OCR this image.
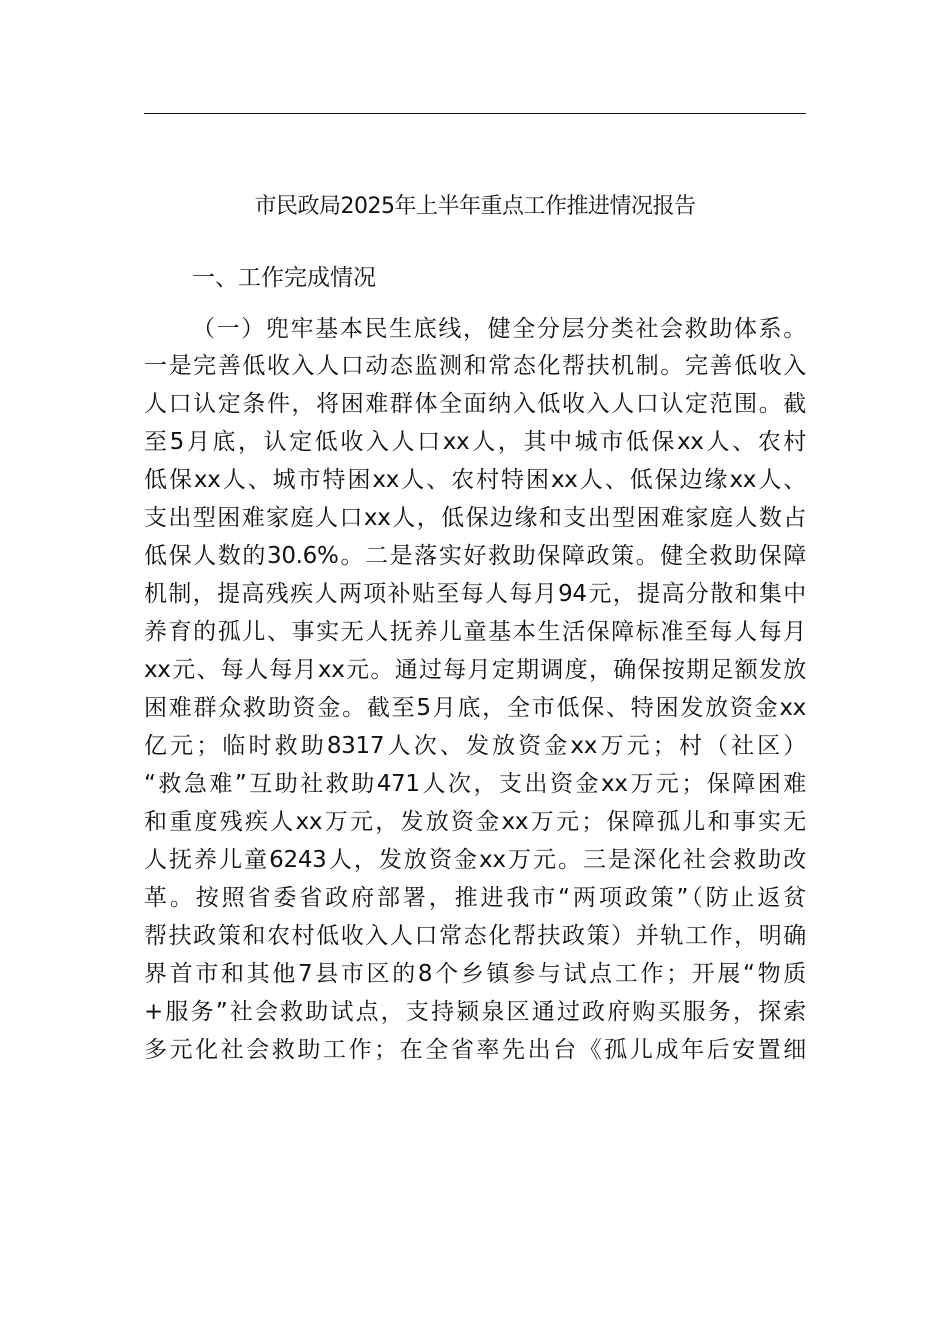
市民政局2025年上半年重点工作推进情况报告
一、工作完成情况
（一）兜牢基本民生底线，健全分层分类社会救助体系。
一是完善低收入人口动态监测和常态化帮扶机制。完善低收入
人口认定条件，将困难群体全面纳入低收入人口认定范围。截
至5月底，认定低收入人口xx人，其中城市低保xx人、农村
低保xx人、城市特困xx人、农村特困xx人、低保边缘xx人、
支出型困难家庭人口xx人，低保边缘和支出型困难家庭人数占
低保人数的30.6%。二是落实好救助保障政策。健全救助保障
机制，提高残疾人两项补贴至每人每月94元，提高分散和集中
养育的孤儿、事实无人抚养儿童基本生活保障标准至每人每月
xx元、每人每月xx元。通过每月定期调度，确保按期足额发放
困难群众救助资金。截至5月底，全市低保、特困发放资金xx
亿元；临时救助8317人次、发放资金xx万元；村（社区）
“救急难”互助社救助471人次，支出资金xx万元；保障困难
和重度残疾人xx万元，发放资金xx万元；保障孤儿和事实无
人抚养儿童6243人，发放资金xx万元。三是深化社会救助改
革。按照省委省政府部署，推进我市“两项政策”（防止返贫
帮扶政策和农村低收入人口常态化帮扶政策）并轨工作，明确
界首市和其他7县市区的8个乡镇参与试点工作；开展“物质
+服务”社会救助试点，支持颍泉区通过政府购买服务，探索
多元化社会救助工作；在全省率先出台《孤儿成年后安置细
